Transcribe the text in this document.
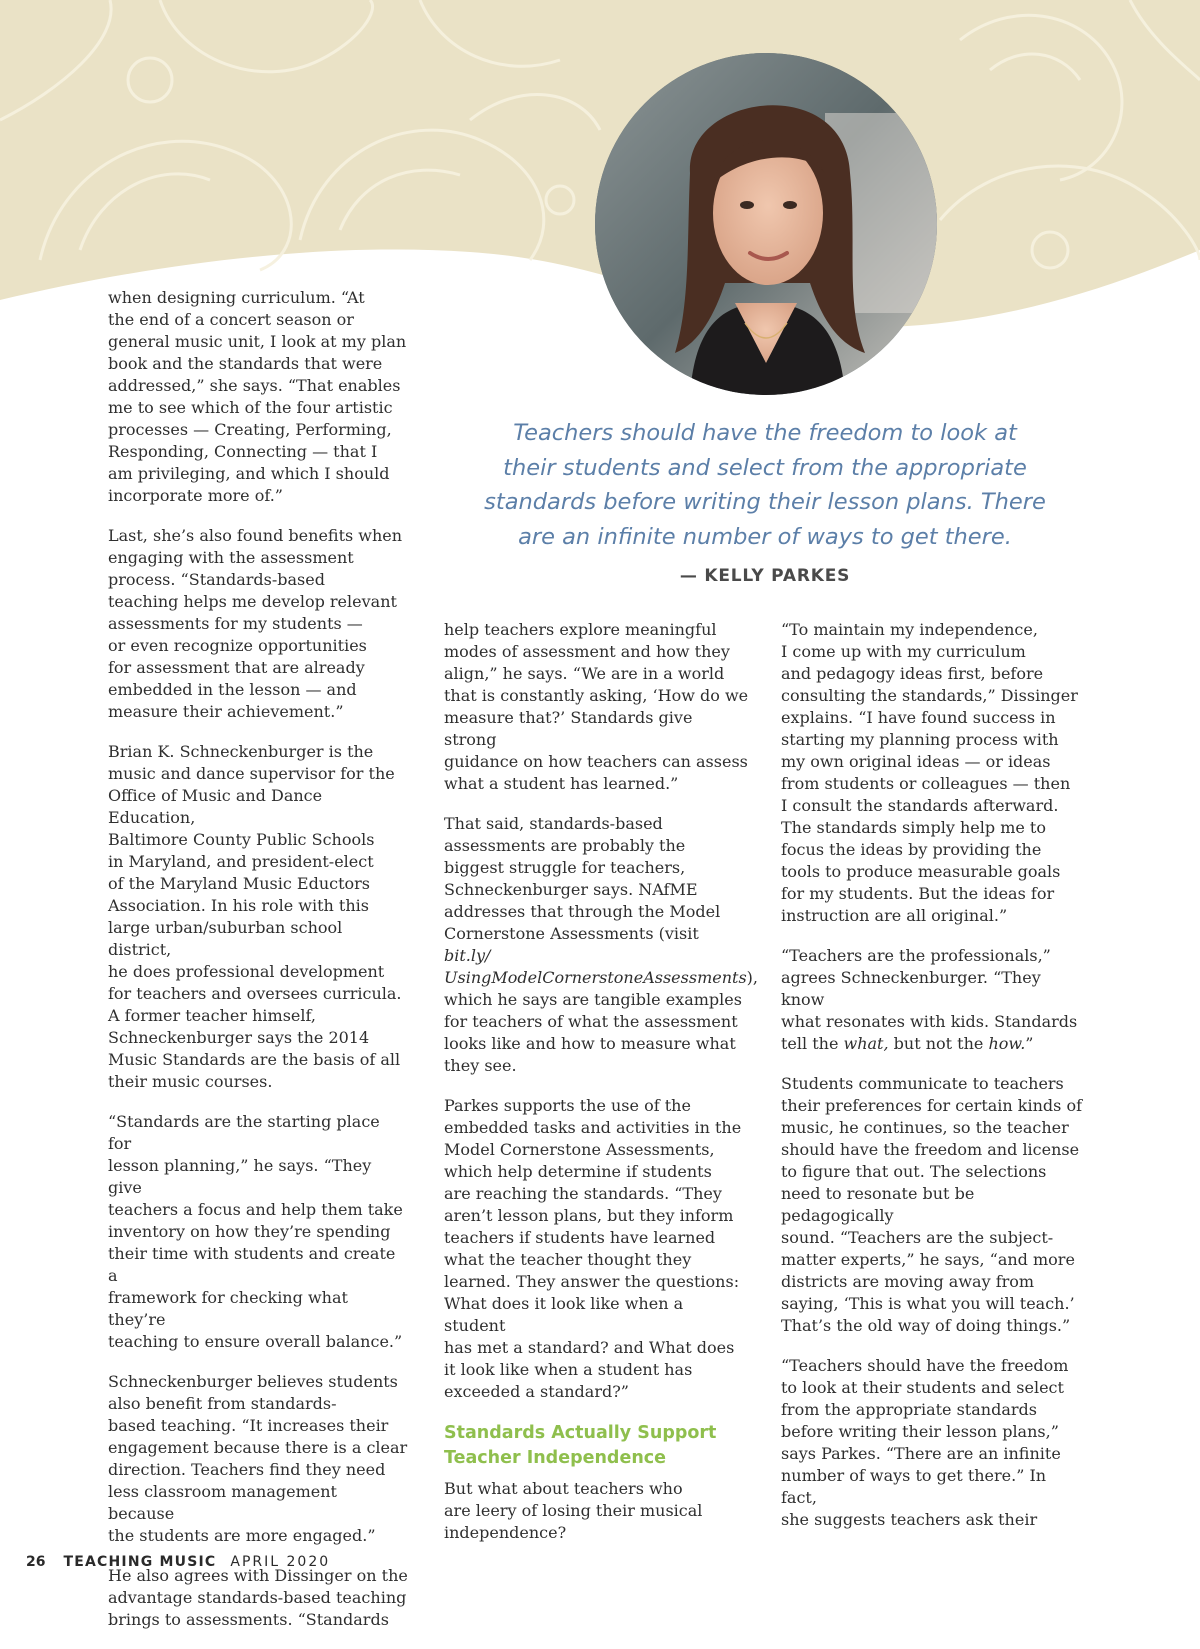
Teachers should have the freedom to look at
their students and select from the appropriate
standards before writing their lesson plans. There
are an infinite number of ways to get there.

— KELLY PARKES

when designing curriculum. “At
the end of a concert season or
general music unit, I look at my plan
book and the standards that were
addressed,” she says. “That enables
me to see which of the four artistic
processes — Creating, Performing,
Responding, Connecting — that I
am privileging, and which I should
incorporate more of.”

Last, she’s also found benefits when
engaging with the assessment
process. “Standards-based
teaching helps me develop relevant
assessments for my students —
or even recognize opportunities
for assessment that are already
embedded in the lesson — and
measure their achievement.”

Brian K. Schneckenburger is the
music and dance supervisor for the
Office of Music and Dance Education,
Baltimore County Public Schools
in Maryland, and president-elect
of the Maryland Music Eductors
Association. In his role with this
large urban/suburban school district,
he does professional development
for teachers and oversees curricula.
A former teacher himself,
Schneckenburger says the 2014
Music Standards are the basis of all
their music courses.

“Standards are the starting place for
lesson planning,” he says. “They give
teachers a focus and help them take
inventory on how they’re spending
their time with students and create a
framework for checking what they’re
teaching to ensure overall balance.”

Schneckenburger believes students
also benefit from standards-
based teaching. “It increases their
engagement because there is a clear
direction. Teachers find they need
less classroom management because
the students are more engaged.”

He also agrees with Dissinger on the
advantage standards-based teaching
brings to assessments. “Standards

help teachers explore meaningful
modes of assessment and how they
align,” he says. “We are in a world
that is constantly asking, ‘How do we
measure that?’ Standards give strong
guidance on how teachers can assess
what a student has learned.”

That said, standards-based
assessments are probably the
biggest struggle for teachers,
Schneckenburger says. NAfME
addresses that through the Model
Cornerstone Assessments (visit bit.ly/
UsingModelCornerstoneAssessments),
which he says are tangible examples
for teachers of what the assessment
looks like and how to measure what
they see.

Parkes supports the use of the
embedded tasks and activities in the
Model Cornerstone Assessments,
which help determine if students
are reaching the standards. “They
aren’t lesson plans, but they inform
teachers if students have learned
what the teacher thought they
learned. They answer the questions:
What does it look like when a student
has met a standard? and What does
it look like when a student has
exceeded a standard?”

Standards Actually Support
Teacher Independence

But what about teachers who
are leery of losing their musical
independence?

“To maintain my independence,
I come up with my curriculum
and pedagogy ideas first, before
consulting the standards,” Dissinger
explains. “I have found success in
starting my planning process with
my own original ideas — or ideas
from students or colleagues — then
I consult the standards afterward.
The standards simply help me to
focus the ideas by providing the
tools to produce measurable goals
for my students. But the ideas for
instruction are all original.”

“Teachers are the professionals,”
agrees Schneckenburger. “They know
what resonates with kids. Standards
tell the what, but not the how.”

Students communicate to teachers
their preferences for certain kinds of
music, he continues, so the teacher
should have the freedom and license
to figure that out. The selections
need to resonate but be pedagogically
sound. “Teachers are the subject-
matter experts,” he says, “and more
districts are moving away from
saying, ‘This is what you will teach.’
That’s the old way of doing things.”

“Teachers should have the freedom
to look at their students and select
from the appropriate standards
before writing their lesson plans,”
says Parkes. “There are an infinite
number of ways to get there.” In fact,
she suggests teachers ask their

26 TEACHING MUSIC APRIL 2020
